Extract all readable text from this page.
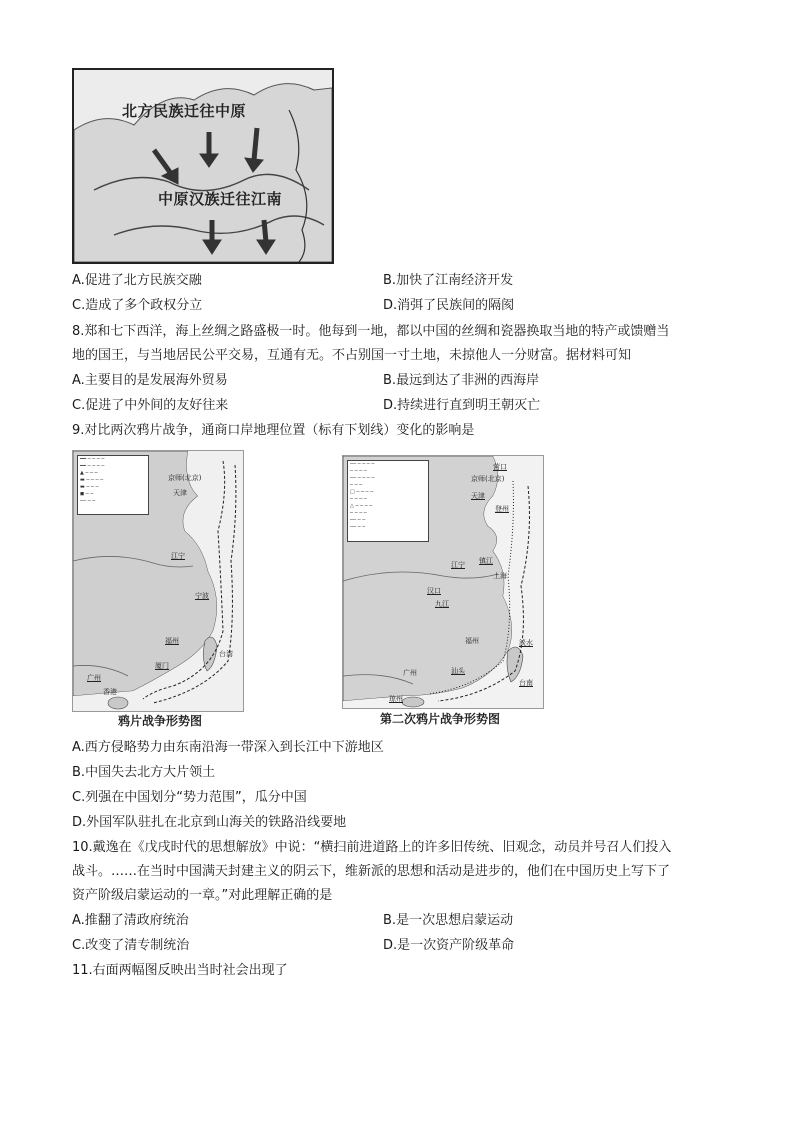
北方民族迁往中原
中原汉族迁往江南
A.促进了北方民族交融	B.加快了江南经济开发
C.造成了多个政权分立	D.消弭了民族间的隔阂
8.郑和七下西洋，海上丝绸之路盛极一时。他每到一地，都以中国的丝绸和瓷器换取当地的特产或馈赠当
地的国王，与当地居民公平交易，互通有无。不占别国一寸土地，未掠他人一分财富。据材料可知
A.主要目的是发展海外贸易	B.最远到达了非洲的西海岸
C.促进了中外间的友好往来	D.持续进行直到明王朝灭亡
9.对比两次鸦片战争，通商口岸地理位置（标有下划线）变化的影响是
━━ ─ ─ ─ ─
━━ ─ ─ ─ ─
▲ ─ ─ ─
▬ ─ ─ ─ ─
▬ ─ ─ ─
◼ ─ ─
── ─ ─
京师(北京)
天津
江宁
宁波
福州
厦门
广州
香港
台湾
鸦片战争形势图
── ─ ─ ─ ─
─ ─ ─ ─
── ─ ─ ─ ─
─ ─ ─
□ ─ ─ ─ ─
─ ─ ─ ─
△ ─ ─ ─ ─
─ ─ ─ ─
── ─ ─
── ─ ─
营口
京师(北京)
天津
登州
江宁 镇江
上海
汉口
九江
福州	淡水
汕头
广州
台南
琼州
第二次鸦片战争形势图
A.西方侵略势力由东南沿海一带深入到长江中下游地区
B.中国失去北方大片领土
C.列强在中国划分“势力范围”，瓜分中国
D.外国军队驻扎在北京到山海关的铁路沿线要地
10.戴逸在《戊戌时代的思想解放》中说：“横扫前进道路上的许多旧传统、旧观念，动员并号召人们投入
战斗。……在当时中国满天封建主义的阴云下，维新派的思想和活动是进步的，他们在中国历史上写下了
资产阶级启蒙运动的一章。”对此理解正确的是
A.推翻了清政府统治	B.是一次思想启蒙运动
C.改变了清专制统治	D.是一次资产阶级革命
11.右面两幅图反映出当时社会出现了
